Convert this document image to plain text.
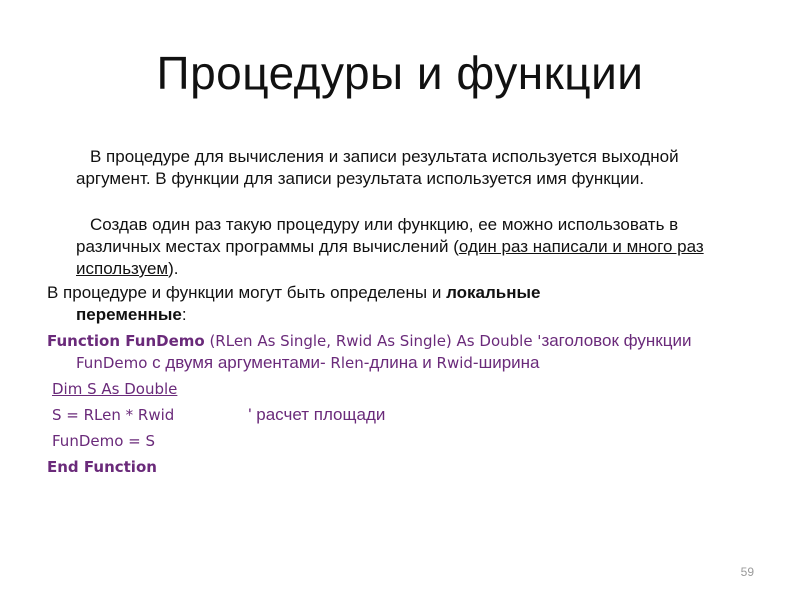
Процедуры и функции
В процедуре для вычисления и записи результата используется выходной аргумент. В функции для записи результата используется имя функции.
Создав один раз такую процедуру или функцию, ее можно использовать в различных местах программы для вычислений (один раз написали и много раз используем).
В процедуре и функции могут быть определены и локальные
переменные:
Function FunDemo (RLen As Single, Rwid As Single) As Double 'заголовок функции
FunDemo с двумя аргументами- Rlen-длина и Rwid-ширина
Dim S As Double
S = RLen * Rwid	' расчет площади
FunDemo = S
End Function
59
